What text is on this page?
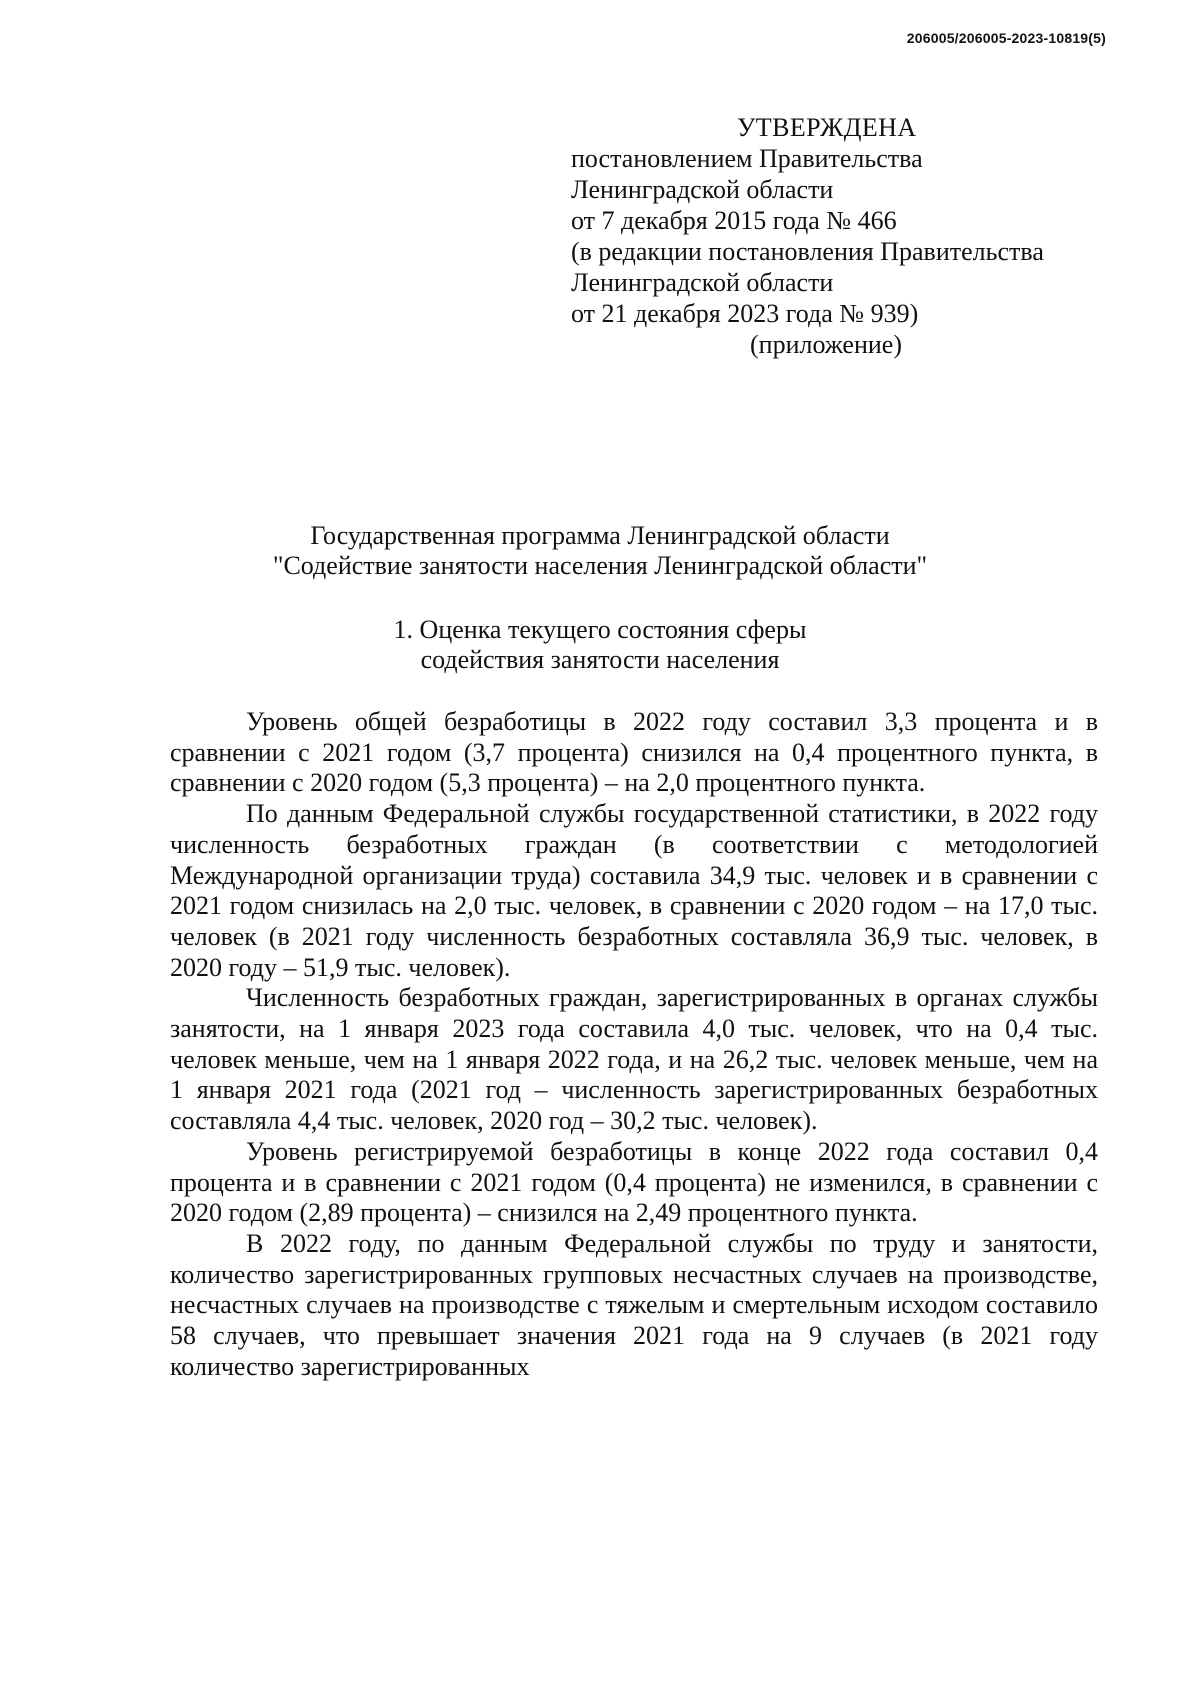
206005/206005-2023-10819(5)
УТВЕРЖДЕНА
постановлением Правительства
Ленинградской области
от 7 декабря 2015 года № 466
(в редакции постановления Правительства
Ленинградской области
от 21 декабря 2023 года № 939)
(приложение)
Государственная программа Ленинградской области
"Содействие занятости населения Ленинградской области"
1. Оценка текущего состояния сферы
содействия занятости населения

Уровень общей безработицы в 2022 году составил 3,3 процента и в сравнении с 2021 годом (3,7 процента) снизился на 0,4 процентного пункта, в сравнении с 2020 годом (5,3 процента) – на 2,0 процентного пункта.

По данным Федеральной службы государственной статистики, в 2022 году численность безработных граждан (в соответствии с методологией Международной организации труда) составила 34,9 тыс. человек и в сравнении с 2021 годом снизилась на 2,0 тыс. человек, в сравнении с 2020 годом – на 17,0 тыс. человек (в 2021 году численность безработных составляла 36,9 тыс. человек, в 2020 году – 51,9 тыс. человек).

Численность безработных граждан, зарегистрированных в органах службы занятости, на 1 января 2023 года составила 4,0 тыс. человек, что на 0,4 тыс. человек меньше, чем на 1 января 2022 года, и на 26,2 тыс. человек меньше, чем на 1 января 2021 года (2021 год – численность зарегистрированных безработных составляла 4,4 тыс. человек, 2020 год – 30,2 тыс. человек).

Уровень регистрируемой безработицы в конце 2022 года составил 0,4 процента и в сравнении с 2021 годом (0,4 процента) не изменился, в сравнении с 2020 годом (2,89 процента) – снизился на 2,49 процентного пункта.

В 2022 году, по данным Федеральной службы по труду и занятости, количество зарегистрированных групповых несчастных случаев на производстве, несчастных случаев на производстве с тяжелым и смертельным исходом составило 58 случаев, что превышает значения 2021 года на 9 случаев (в 2021 году количество зарегистрированных
